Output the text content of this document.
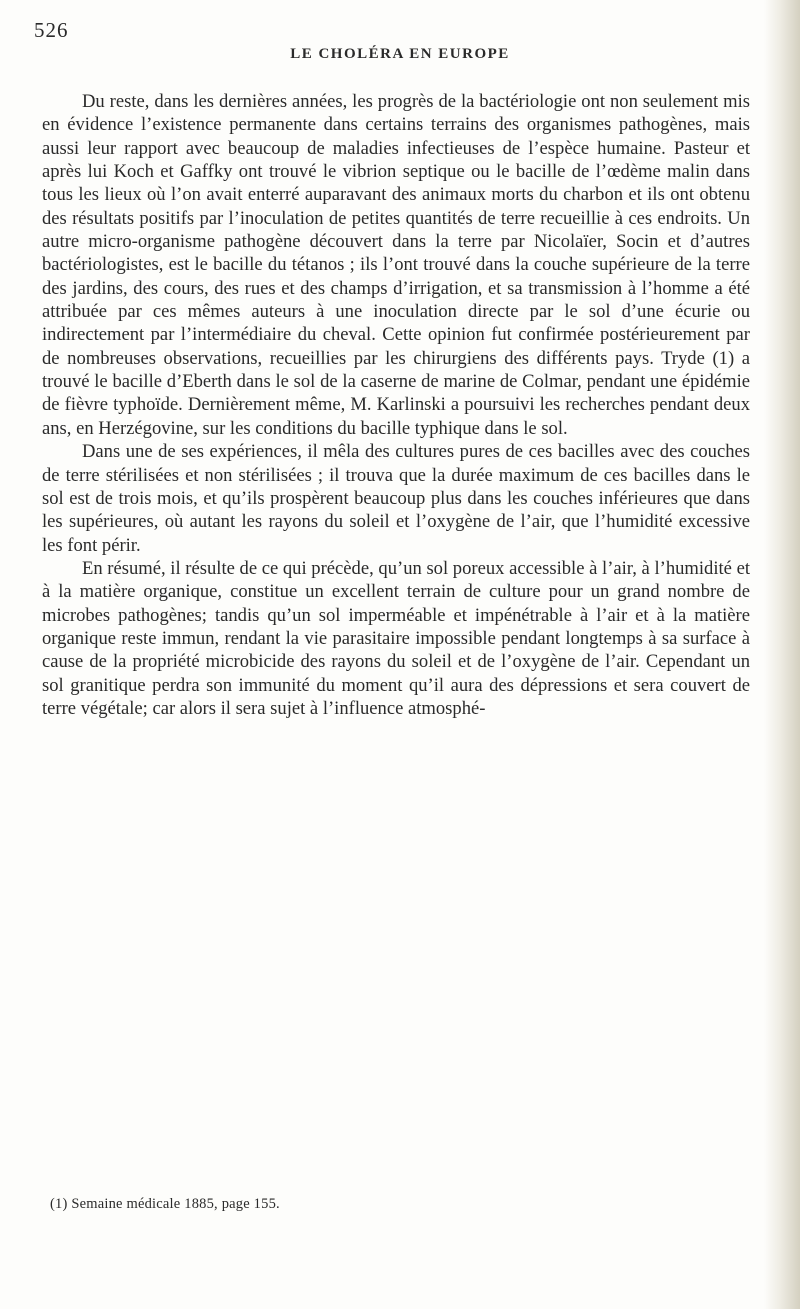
526
LE CHOLÉRA EN EUROPE

Du reste, dans les dernières années, les progrès de la bactériologie ont non seulement mis en évidence l’existence permanente dans certains terrains des organismes pathogènes, mais aussi leur rapport avec beaucoup de maladies infectieuses de l’espèce humaine. Pasteur et après lui Koch et Gaffky ont trouvé le vibrion septique ou le bacille de l’œdème malin dans tous les lieux où l’on avait enterré auparavant des animaux morts du charbon et ils ont obtenu des résultats positifs par l’inoculation de petites quantités de terre recueillie à ces endroits. Un autre micro-organisme pathogène découvert dans la terre par Nicolaïer, Socin et d’autres bactériologistes, est le bacille du tétanos ; ils l’ont trouvé dans la couche supérieure de la terre des jardins, des cours, des rues et des champs d’irrigation, et sa transmission à l’homme a été attribuée par ces mêmes auteurs à une inoculation directe par le sol d’une écurie ou indirectement par l’intermédiaire du cheval. Cette opinion fut confirmée postérieurement par de nombreuses observations, recueillies par les chirurgiens des différents pays. Tryde (1) a trouvé le bacille d’Eberth dans le sol de la caserne de marine de Colmar, pendant une épidémie de fièvre typhoïde. Dernièrement même, M. Karlinski a poursuivi les recherches pendant deux ans, en Herzégovine, sur les conditions du bacille typhique dans le sol.

Dans une de ses expériences, il mêla des cultures pures de ces bacilles avec des couches de terre stérilisées et non stérilisées ; il trouva que la durée maximum de ces bacilles dans le sol est de trois mois, et qu’ils prospèrent beaucoup plus dans les couches inférieures que dans les supérieures, où autant les rayons du soleil et l’oxygène de l’air, que l’humidité excessive les font périr.

En résumé, il résulte de ce qui précède, qu’un sol poreux accessible à l’air, à l’humidité et à la matière organique, constitue un excellent terrain de culture pour un grand nombre de microbes pathogènes; tandis qu’un sol imperméable et impénétrable à l’air et à la matière organique reste immun, rendant la vie parasitaire impossible pendant longtemps à sa surface à cause de la propriété microbicide des rayons du soleil et de l’oxygène de l’air. Cependant un sol granitique perdra son immunité du moment qu’il aura des dépressions et sera couvert de terre végétale; car alors il sera sujet à l’influence atmosphé-

(1) Semaine médicale 1885, page 155.
